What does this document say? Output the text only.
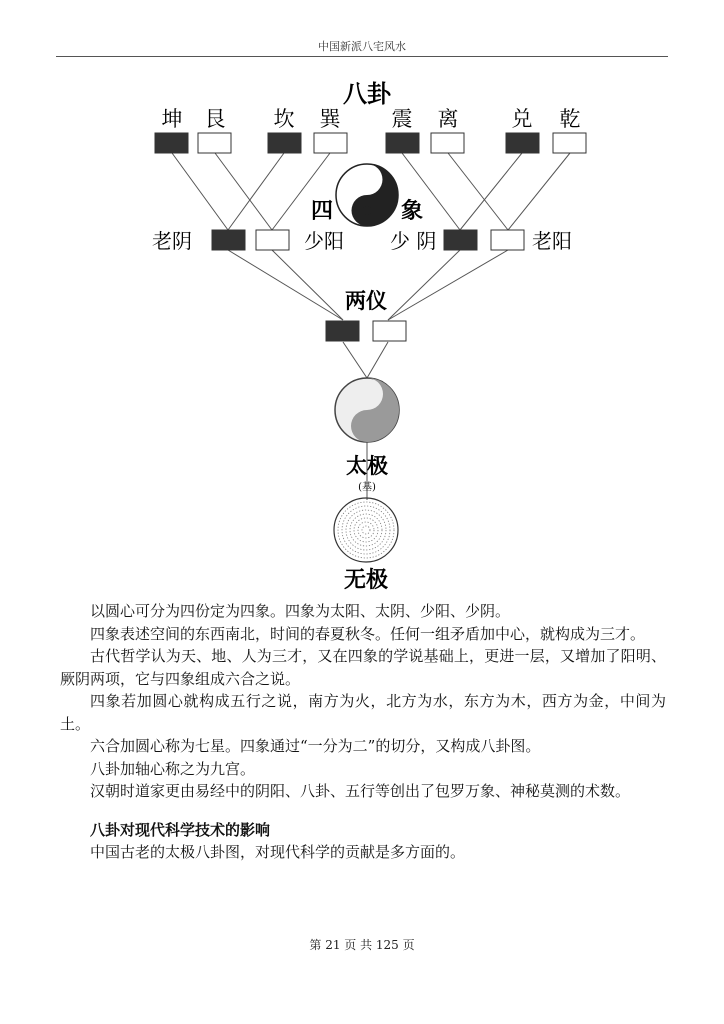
中国新派八宅风水
八卦
坤 艮 坎 巽 震 离	兑 乾
四	象
老阴	少阳 少 阴	老阳
两仪
太极
(基)
无极

以圆心可分为四份定为四象。四象为太阳、太阴、少阳、少阴。

四象表述空间的东西南北，时间的春夏秋冬。任何一组矛盾加中心，就构成为三才。

古代哲学认为天、地、人为三才，又在四象的学说基础上，更进一层，又增加了阳明、厥阴两项，它与四象组成六合之说。

四象若加圆心就构成五行之说，南方为火，北方为水，东方为木，西方为金，中间为土。

六合加圆心称为七星。四象通过“一分为二”的切分，又构成八卦图。

八卦加轴心称之为九宫。

汉朝时道家更由易经中的阴阳、八卦、五行等创出了包罗万象、神秘莫测的术数。

八卦对现代科学技术的影响

中国古老的太极八卦图，对现代科学的贡献是多方面的。

第 21 页 共 125 页
